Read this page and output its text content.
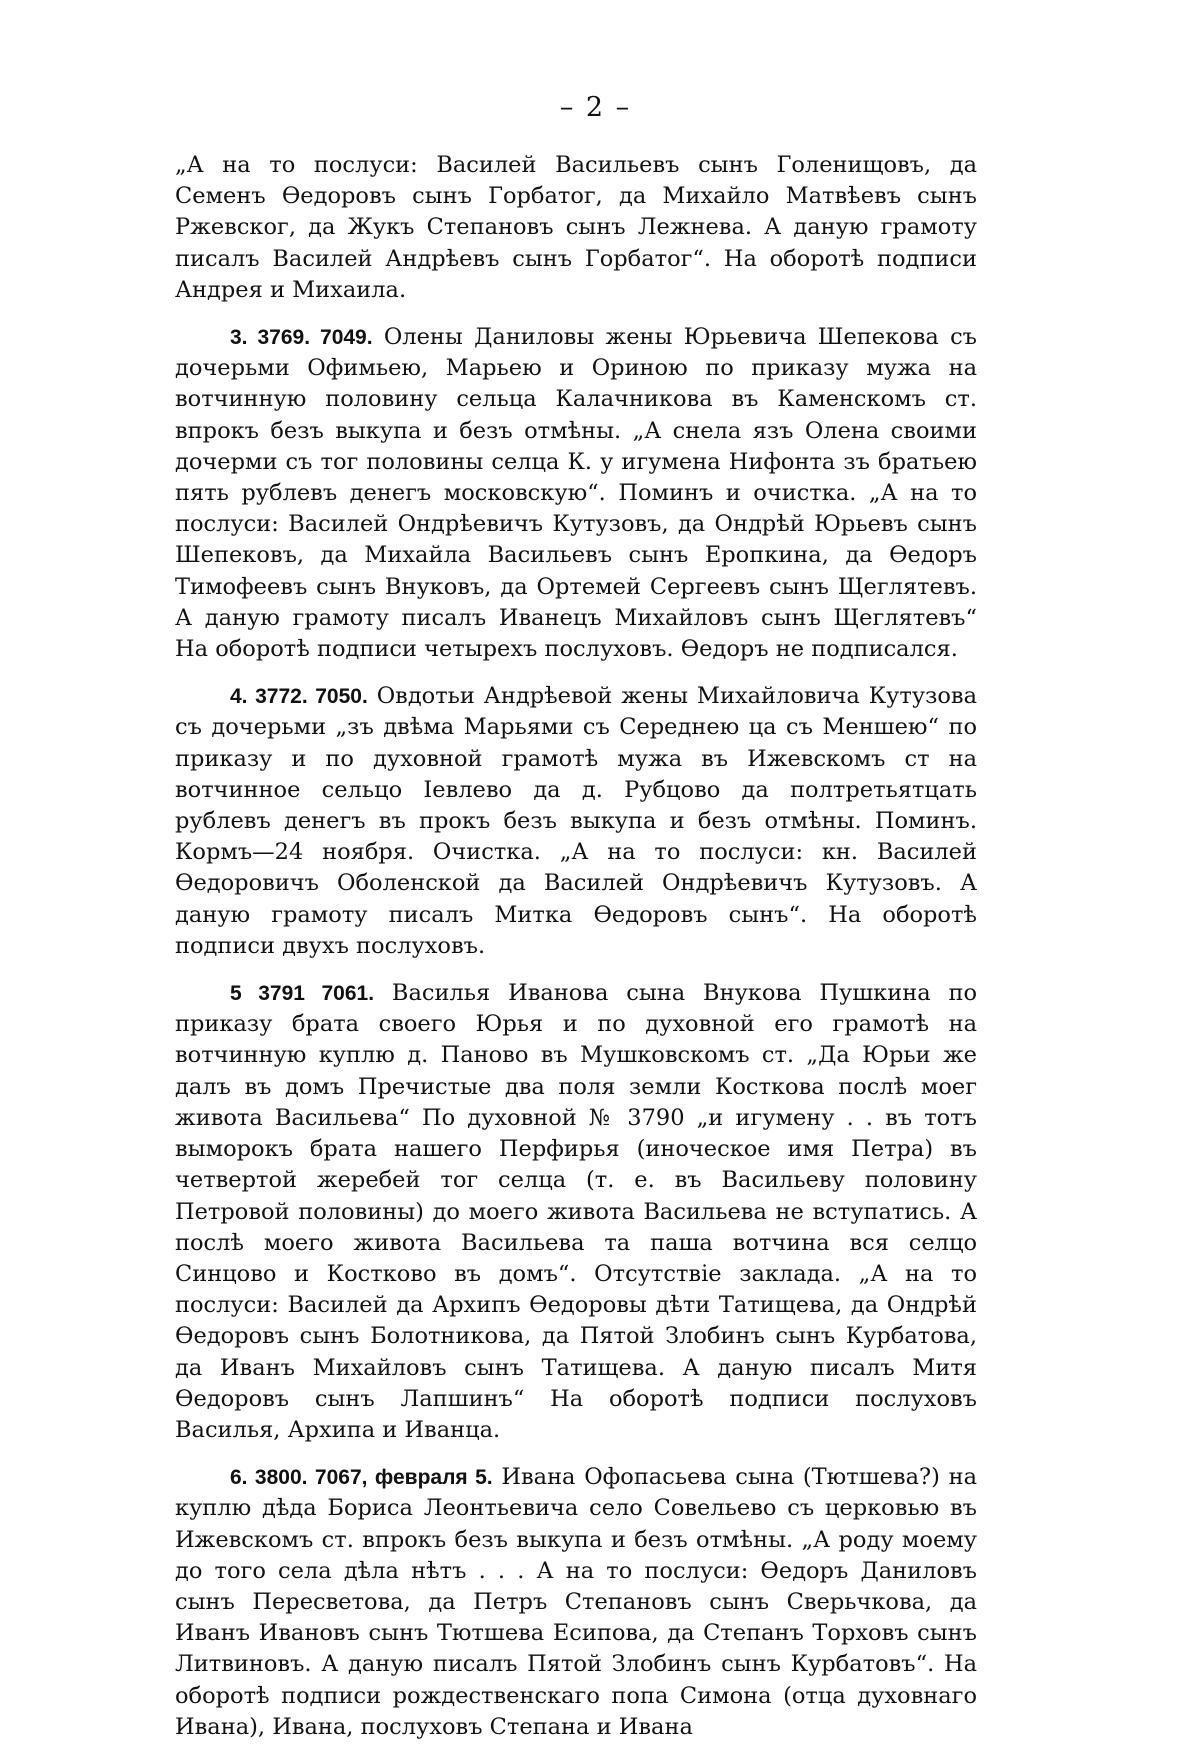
– 2 –

„А на то послуси: Василей Васильевъ сынъ Голенищовъ, да Семенъ Ѳедоровъ сынъ Горбатог, да Михайло Матвѣевъ сынъ Ржевског, да Жукъ Степановъ сынъ Лежнева. А даную грамоту писалъ Василей Андрѣевъ сынъ Горбатог“. На оборотѣ подписи Андрея и Михаила.

3. 3769. 7049. Олены Даниловы жены Юрьевича Шепекова съ дочерьми Офимьею, Марьею и Ориною по приказу мужа на вотчинную половину сельца Калачникова въ Каменскомъ ст. впрокъ безъ выкупа и безъ отмѣны. „А снела язъ Олена своими дочерми съ тог половины селца К. у игумена Нифонта зъ братьею пять рублевъ денегъ московскую“. Поминъ и очистка. „А на то послуси: Василей Ондрѣевичъ Кутузовъ, да Ондрѣй Юрьевъ сынъ Шепековъ, да Михайла Васильевъ сынъ Еропкина, да Ѳедоръ Тимофеевъ сынъ Внуковъ, да Ортемей Сергеевъ сынъ Щеглятевъ. А даную грамоту писалъ Иванецъ Михайловъ сынъ Щеглятевъ“ На оборотѣ подписи четырехъ послуховъ. Ѳедоръ не подписался.

4. 3772. 7050. Овдотьи Андрѣевой жены Михайловича Кутузова съ дочерьми „зъ двѣма Марьями съ Середнею ца съ Меншею“ по приказу и по духовной грамотѣ мужа въ Ижевскомъ ст на вотчинное сельцо Іевлево да д. Рубцово да полтретьятцать рублевъ денегъ въ прокъ безъ выкупа и безъ отмѣны. Поминъ. Кормъ—24 ноября. Очистка. „А на то послуси: кн. Василей Ѳедоровичъ Оболенской да Василей Ондрѣевичъ Кутузовъ. А даную грамоту писалъ Митка Ѳедоровъ сынъ“. На оборотѣ подписи двухъ послуховъ.

5 3791 7061. Василья Иванова сына Внукова Пушкина по приказу брата своего Юрья и по духовной его грамотѣ на вотчинную куплю д. Паново въ Мушковскомъ ст. „Да Юрьи же далъ въ домъ Пречистые два поля земли Косткова послѣ моег живота Васильева“ По духовной № 3790 „и игумену . . въ тотъ выморокъ брата нашего Перфирья (иноческое имя Петра) въ четвертой жеребей тог селца (т. е. въ Васильеву половину Петровой половины) до моего живота Васильева не вступатись. А послѣ моего живота Васильева та паша вотчина вся селцо Синцово и Костково въ домъ“. Отсутствіе заклада. „А на то послуси: Василей да Архипъ Ѳедоровы дѣти Татищева, да Ондрѣй Ѳедоровъ сынъ Болотникова, да Пятой Злобинъ сынъ Курбатова, да Иванъ Михайловъ сынъ Татищева. А даную писалъ Митя Ѳедоровъ сынъ Лапшинъ“ На оборотѣ подписи послуховъ Василья, Архипа и Иванца.

6. 3800. 7067, февраля 5. Ивана Офопасьева сына (Тютшева?) на куплю дѣда Бориса Леонтьевича село Совельево съ церковью въ Ижевскомъ ст. впрокъ безъ выкупа и безъ отмѣны. „А роду моему до того села дѣла нѣтъ . . . А на то послуси: Ѳедоръ Даниловъ сынъ Пересветова, да Петръ Степановъ сынъ Сверьчкова, да Иванъ Ивановъ сынъ Тютшева Есипова, да Степанъ Торховъ сынъ Литвиновъ. А даную писалъ Пятой Злобинъ сынъ Курбатовъ“. На оборотѣ подписи рождественскаго попа Симона (отца духовнаго Ивана), Ивана, послуховъ Степана и Ивана
